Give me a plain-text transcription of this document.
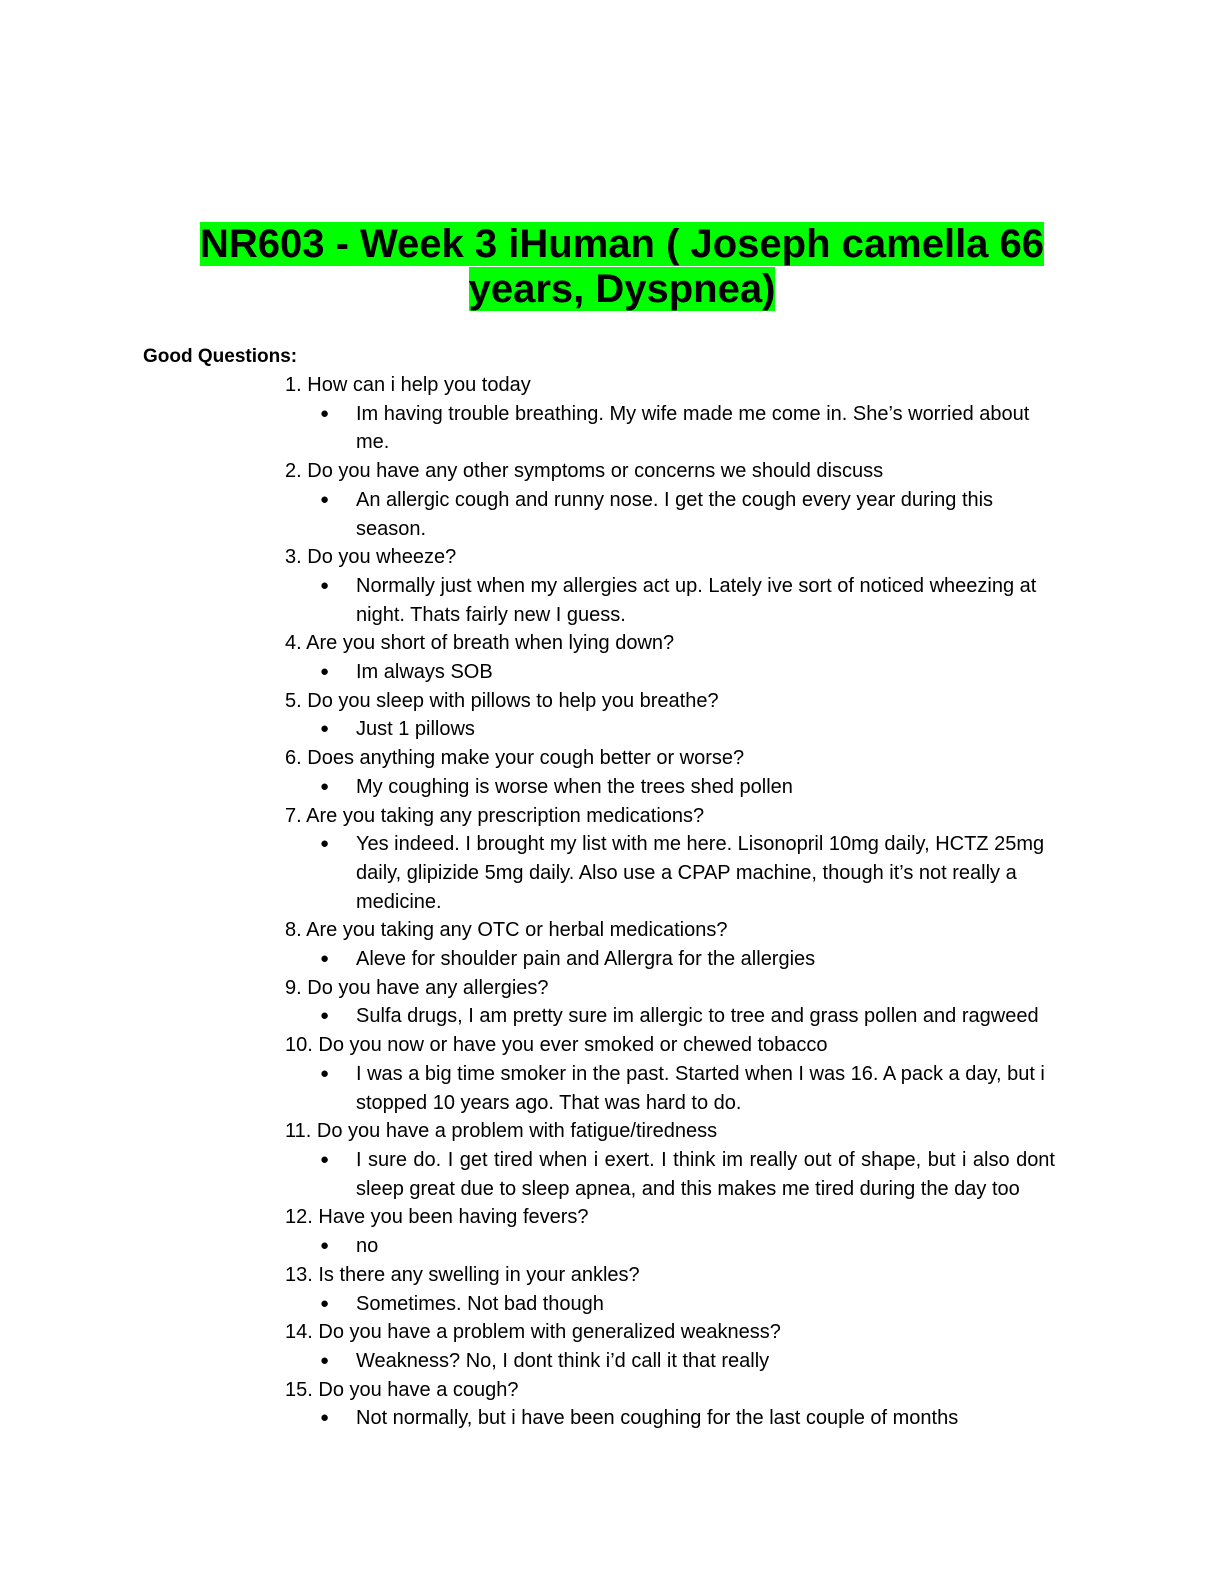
NR603 - Week 3 iHuman ( Joseph camella 66
years, Dyspnea)
Good Questions:
1. How can i help you today
● Im having trouble breathing. My wife made me come in. She’s worried about me.
2. Do you have any other symptoms or concerns we should discuss
● An allergic cough and runny nose. I get the cough every year during this season.
3. Do you wheeze?
● Normally just when my allergies act up. Lately ive sort of noticed wheezing at night. Thats fairly new I guess.
4. Are you short of breath when lying down?
● Im always SOB
5. Do you sleep with pillows to help you breathe?
● Just 1 pillows
6. Does anything make your cough better or worse?
● My coughing is worse when the trees shed pollen
7. Are you taking any prescription medications?
● Yes indeed. I brought my list with me here. Lisonopril 10mg daily, HCTZ 25mg daily, glipizide 5mg daily. Also use a CPAP machine, though it’s not really a medicine.
8. Are you taking any OTC or herbal medications?
● Aleve for shoulder pain and Allergra for the allergies
9. Do you have any allergies?
● Sulfa drugs, I am pretty sure im allergic to tree and grass pollen and ragweed
10. Do you now or have you ever smoked or chewed tobacco
● I was a big time smoker in the past. Started when I was 16. A pack a day, but i stopped 10 years ago. That was hard to do.
11. Do you have a problem with fatigue/tiredness
● I sure do. I get tired when i exert. I think im really out of shape, but i also dont sleep great due to sleep apnea, and this makes me tired during the day too
12. Have you been having fevers?
● no
13. Is there any swelling in your ankles?
● Sometimes. Not bad though
14. Do you have a problem with generalized weakness?
● Weakness? No, I dont think i’d call it that really
15. Do you have a cough?
● Not normally, but i have been coughing for the last couple of months
